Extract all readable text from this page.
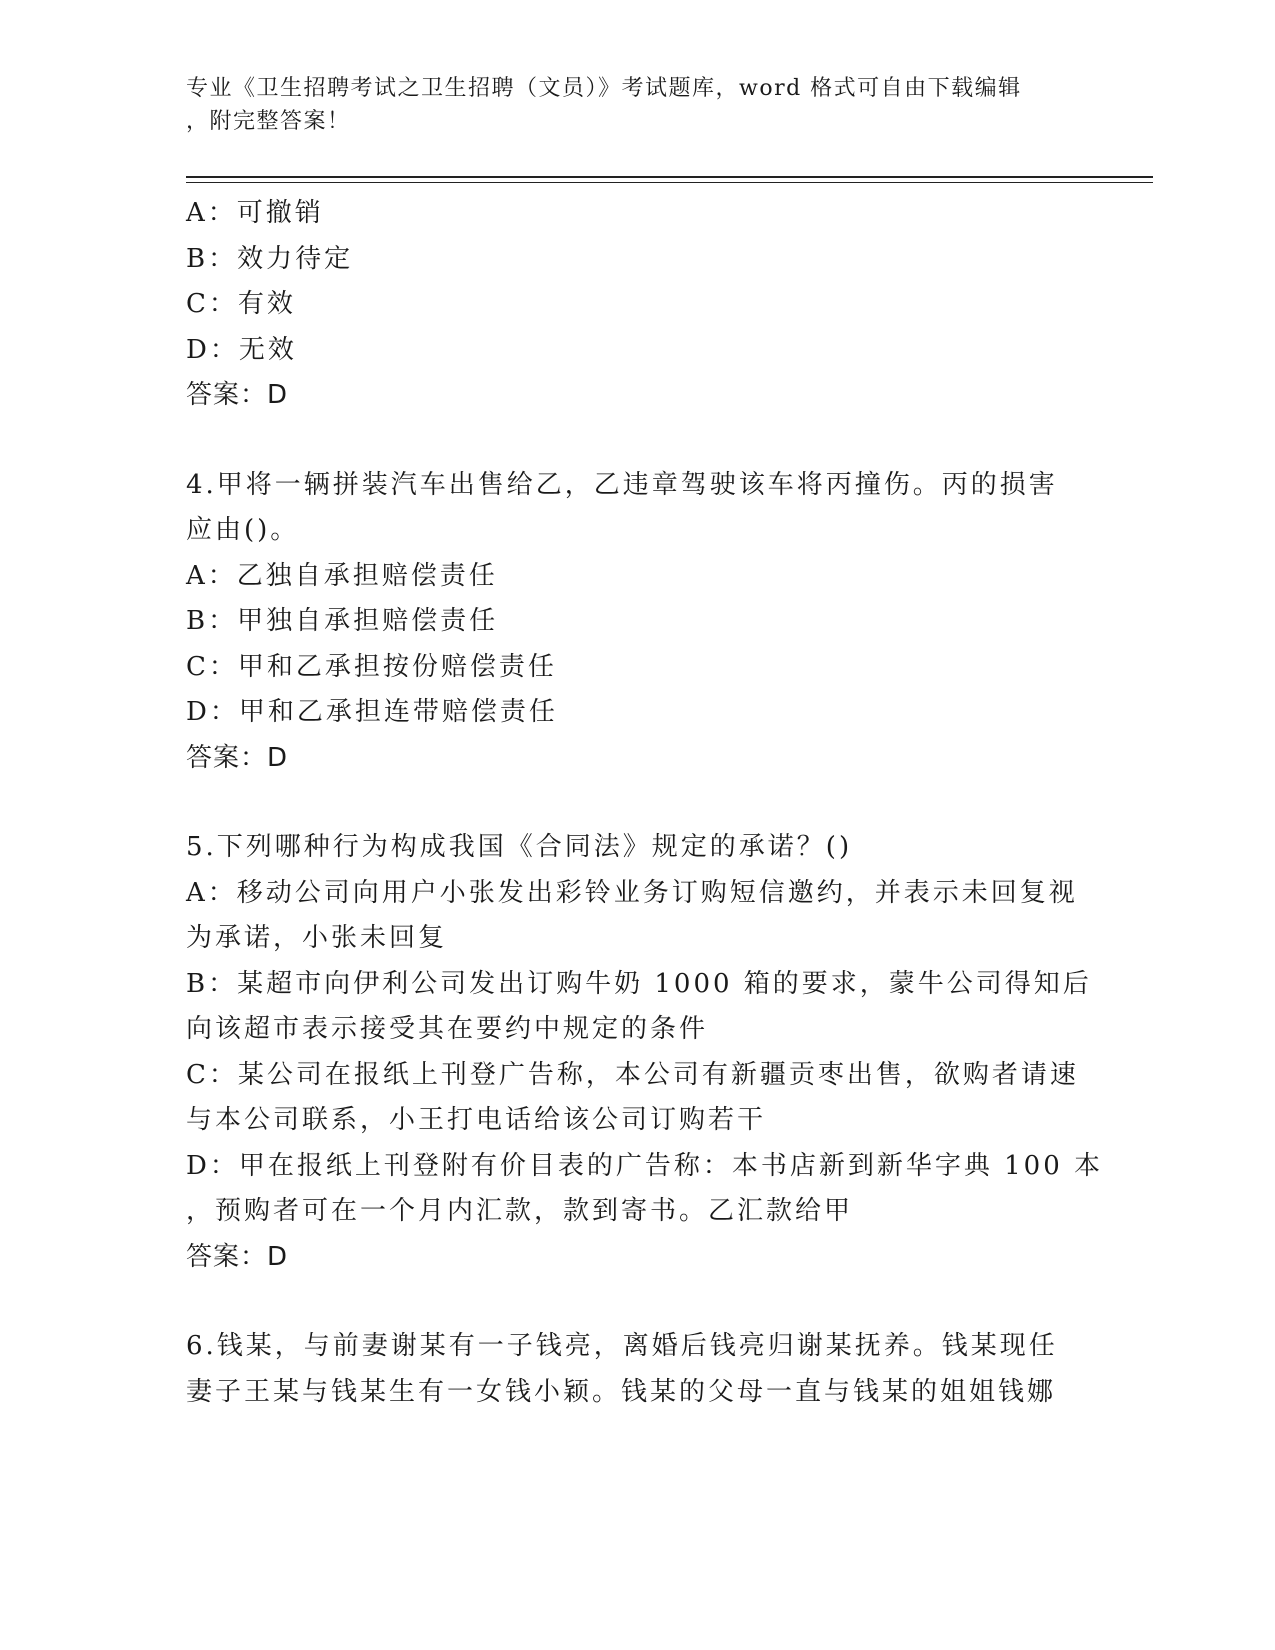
专业《卫生招聘考试之卫生招聘（文员）》考试题库，word 格式可自由下载编辑
，附完整答案！
A：可撤销
B：效力待定
C：有效
D：无效
答案：D
4.甲将一辆拼装汽车出售给乙，乙违章驾驶该车将丙撞伤。丙的损害
应由()。
A：乙独自承担赔偿责任
B：甲独自承担赔偿责任
C：甲和乙承担按份赔偿责任
D：甲和乙承担连带赔偿责任
答案：D
5.下列哪种行为构成我国《合同法》规定的承诺？()
A：移动公司向用户小张发出彩铃业务订购短信邀约，并表示未回复视
为承诺，小张未回复
B：某超市向伊利公司发出订购牛奶 1000 箱的要求，蒙牛公司得知后
向该超市表示接受其在要约中规定的条件
C：某公司在报纸上刊登广告称，本公司有新疆贡枣出售，欲购者请速
与本公司联系，小王打电话给该公司订购若干
D：甲在报纸上刊登附有价目表的广告称：本书店新到新华字典 100 本
，预购者可在一个月内汇款，款到寄书。乙汇款给甲
答案：D
6.钱某，与前妻谢某有一子钱亮，离婚后钱亮归谢某抚养。钱某现任
妻子王某与钱某生有一女钱小颖。钱某的父母一直与钱某的姐姐钱娜
